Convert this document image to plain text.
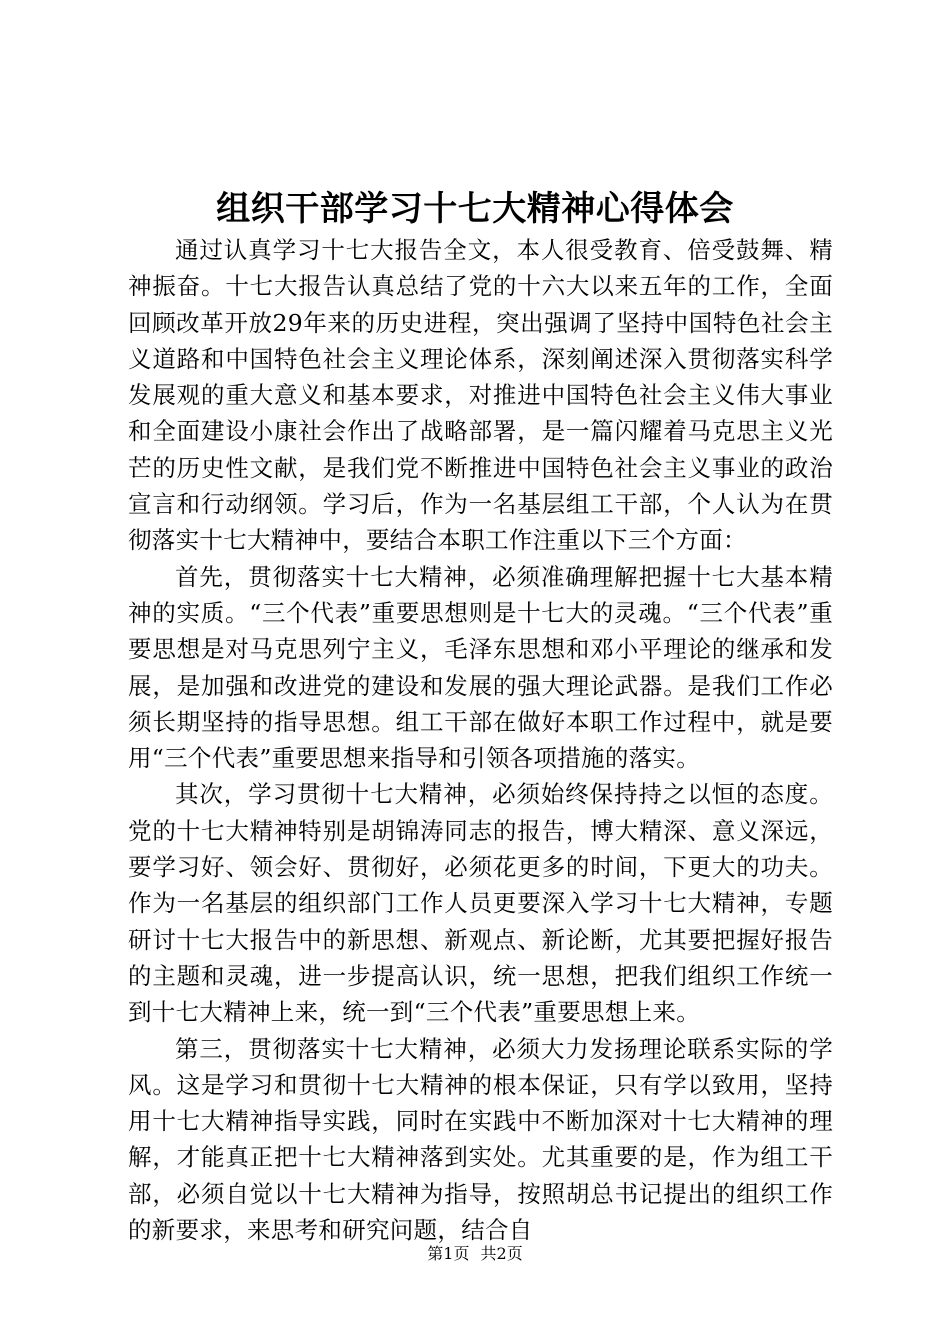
组织干部学习十七大精神心得体会

通过认真学习十七大报告全文，本人很受教育、倍受鼓舞、精神振奋。十七大报告认真总结了党的十六大以来五年的工作，全面回顾改革开放29年来的历史进程，突出强调了坚持中国特色社会主义道路和中国特色社会主义理论体系，深刻阐述深入贯彻落实科学发展观的重大意义和基本要求，对推进中国特色社会主义伟大事业和全面建设小康社会作出了战略部署，是一篇闪耀着马克思主义光芒的历史性文献，是我们党不断推进中国特色社会主义事业的政治宣言和行动纲领。学习后，作为一名基层组工干部，个人认为在贯彻落实十七大精神中，要结合本职工作注重以下三个方面：

首先，贯彻落实十七大精神，必须准确理解把握十七大基本精神的实质。“三个代表”重要思想则是十七大的灵魂。“三个代表”重要思想是对马克思列宁主义，毛泽东思想和邓小平理论的继承和发展，是加强和改进党的建设和发展的强大理论武器。是我们工作必须长期坚持的指导思想。组工干部在做好本职工作过程中，就是要用“三个代表”重要思想来指导和引领各项措施的落实。

其次，学习贯彻十七大精神，必须始终保持持之以恒的态度。党的十七大精神特别是胡锦涛同志的报告，博大精深、意义深远，要学习好、领会好、贯彻好，必须花更多的时间，下更大的功夫。作为一名基层的组织部门工作人员更要深入学习十七大精神，专题研讨十七大报告中的新思想、新观点、新论断，尤其要把握好报告的主题和灵魂，进一步提高认识，统一思想，把我们组织工作统一到十七大精神上来，统一到“三个代表”重要思想上来。

第三，贯彻落实十七大精神，必须大力发扬理论联系实际的学风。这是学习和贯彻十七大精神的根本保证，只有学以致用，坚持用十七大精神指导实践，同时在实践中不断加深对十七大精神的理解，才能真正把十七大精神落到实处。尤其重要的是，作为组工干部，必须自觉以十七大精神为指导，按照胡总书记提出的组织工作的新要求，来思考和研究问题，结合自

第1页 共2页
